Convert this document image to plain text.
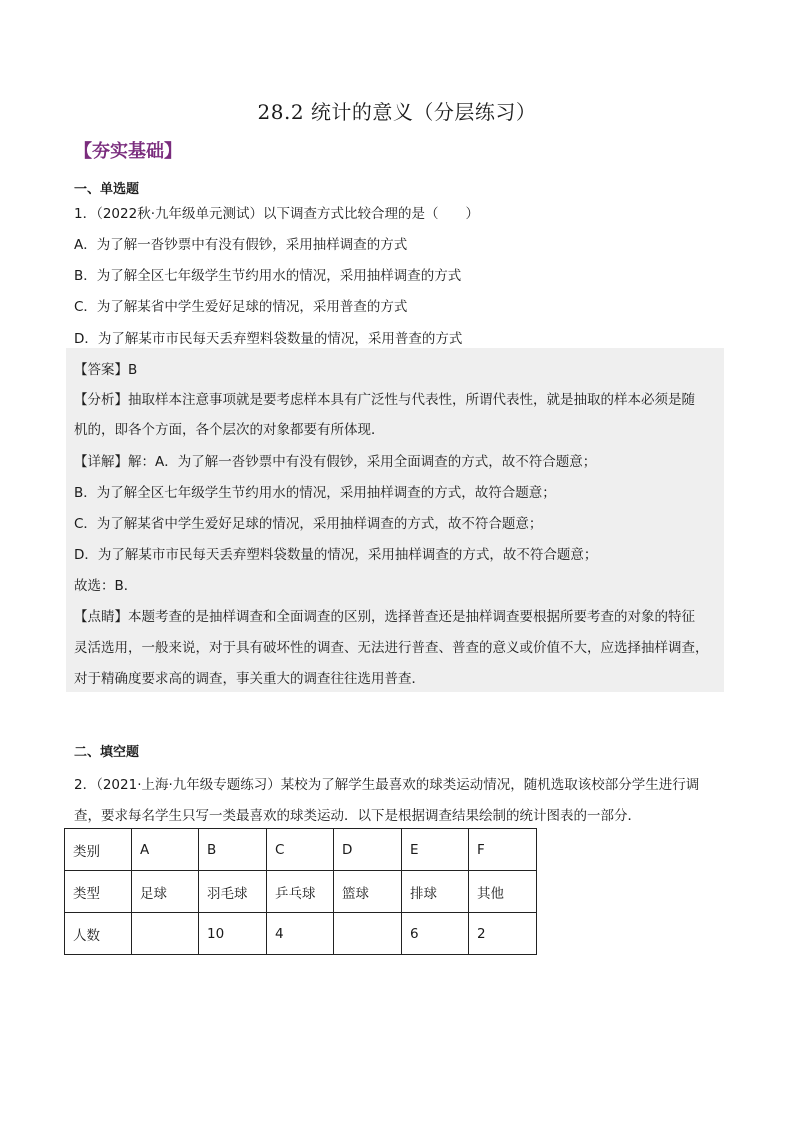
28.2 统计的意义（分层练习）
【夯实基础】
一、单选题
1．（2022秋·九年级单元测试）以下调查方式比较合理的是（　　）
A．为了解一沓钞票中有没有假钞，采用抽样调查的方式
B．为了解全区七年级学生节约用水的情况，采用抽样调查的方式
C．为了解某省中学生爱好足球的情况，采用普查的方式
D．为了解某市市民每天丢弃塑料袋数量的情况，采用普查的方式
【答案】B
【分析】抽取样本注意事项就是要考虑样本具有广泛性与代表性，所谓代表性，就是抽取的样本必须是随
机的，即各个方面，各个层次的对象都要有所体现．
【详解】解：A．为了解一沓钞票中有没有假钞，采用全面调查的方式，故不符合题意；
B．为了解全区七年级学生节约用水的情况，采用抽样调查的方式，故符合题意；
C．为了解某省中学生爱好足球的情况，采用抽样调查的方式，故不符合题意；
D．为了解某市市民每天丢弃塑料袋数量的情况，采用抽样调查的方式，故不符合题意；
故选：B．
【点睛】本题考查的是抽样调查和全面调查的区别，选择普查还是抽样调查要根据所要考查的对象的特征
灵活选用，一般来说，对于具有破坏性的调查、无法进行普查、普查的意义或价值不大，应选择抽样调查，
对于精确度要求高的调查，事关重大的调查往往选用普查．
二、填空题
2．（2021·上海·九年级专题练习）某校为了解学生最喜欢的球类运动情况，随机选取该校部分学生进行调
查，要求每名学生只写一类最喜欢的球类运动．以下是根据调查结果绘制的统计图表的一部分．
类别	A	B	C	D	E	F
类型	足球	羽毛球	乒乓球	篮球	排球	其他
人数		10	4		6	2
